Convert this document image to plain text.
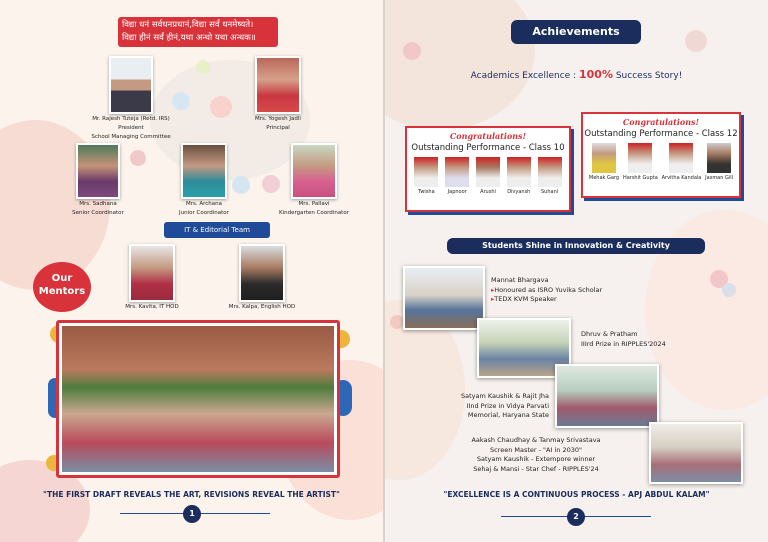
विद्या धनं सर्वधनप्रधानं,विद्या सर्वं धनमेष्यते।
विद्या हीनं सर्वं हीनं,यथा अन्धो यथा अन्धक॥
Mr. Rajesh Tuteja (Retd. IRS)
President
School Managing Committee
Mrs. Yogesh Jadli
Principal
Mrs. Sadhana
Senior Coordinator
Mrs. Archana
Junior Coordinator
Mrs. Pallavi
Kindergarten Coordinator
IT & Editorial Team
Our Mentors
Mrs. Kavita, IT HOD	Mrs. Kalpa, English HOD
"THE FIRST DRAFT REVEALS THE ART, REVISIONS REVEAL THE ARTIST"
1
Achievements
Academics Excellence : 100% Success Story!
Congratulations!
Outstanding Performance - Class 10
Twisha	Japnoor	Arushi	Divyansh	Suhani
Congratulations!
Outstanding Performance - Class 12
Mehak Garg Harshit Gupta Arvitha Kandala Jasman Gill
Students Shine in Innovation & Creativity
Mannat Bhargava
▸Honoured as ISRO Yuvika Scholar
▸TEDX KVM Speaker
Dhruv & Pratham
IIIrd Prize in RIPPLES'2024
Satyam Kaushik & Rajit Jha
IInd Prize in Vidya Parvati
Memorial, Haryana State
Aakash Chaudhay & Tanmay Srivastava
Screen Master - "AI in 2030"
Satyam Kaushik - Extempore winner
Sehaj & Mansi - Star Chef - RIPPLES'24
"EXCELLENCE IS A CONTINUOUS PROCESS - APJ ABDUL KALAM"
2
